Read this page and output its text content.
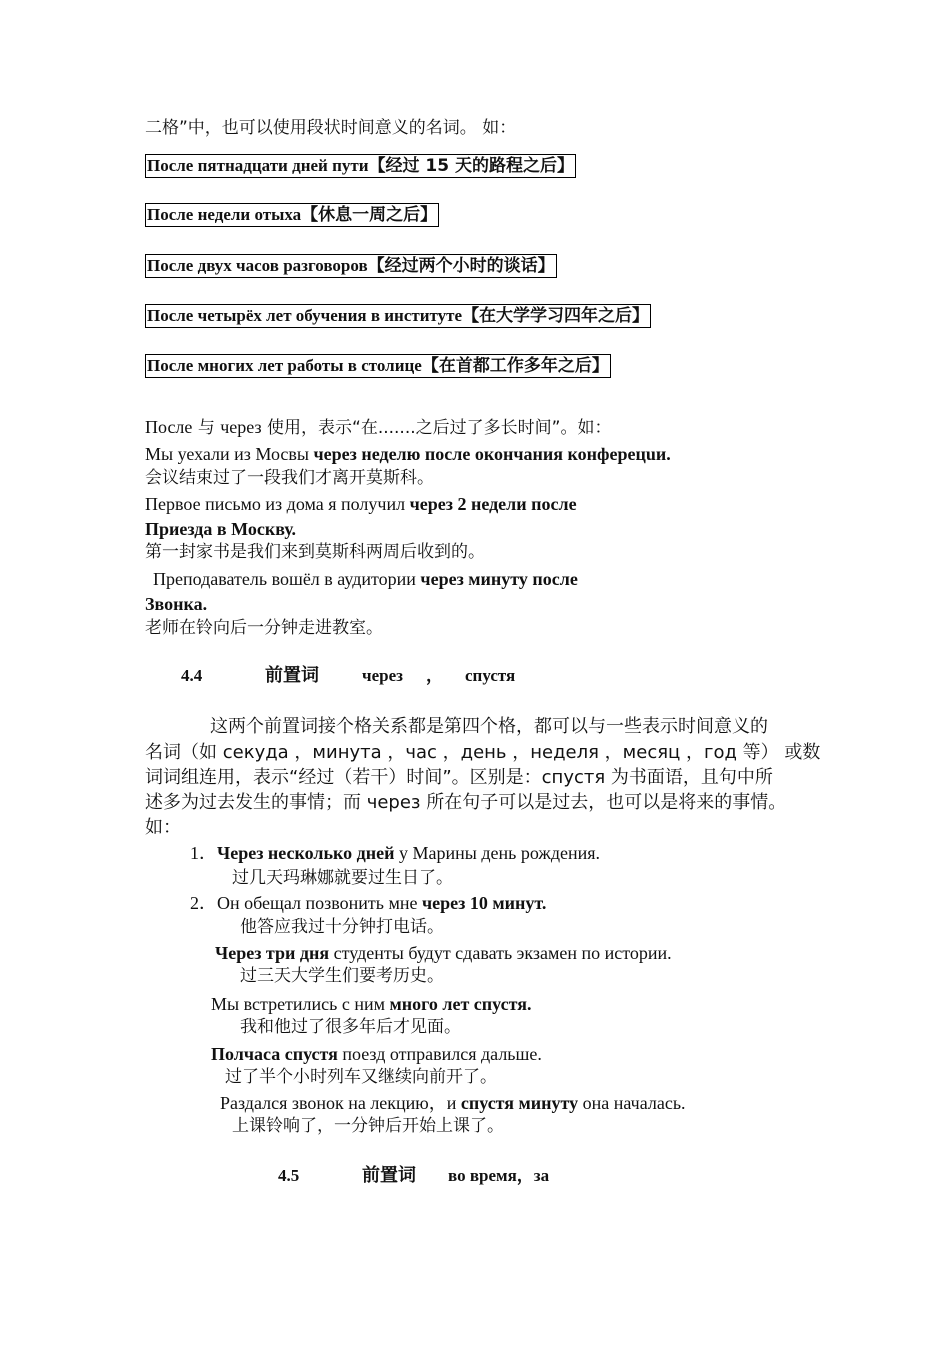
二格”中，也可以使用段状时间意义的名词。 如：
После пятнадцати дней пути【经过 15 天的路程之后】
После недели отыха【休息一周之后】
После двух часов разговоров【经过两个小时的谈话】
После четырёх лет обучения в институте【在大学学习四年之后】
После многих лет работы в столице【在首都工作多年之后】
После 与 через 使用，表示“在.......之后过了多长时间”。如：
Мы уехали из Мосвы через неделю после окончания конферецuи.
会议结束过了一段我们才离开莫斯科。
Первое письмо из дома я получил через 2 недели после
Приезда в Москву.
第一封家书是我们来到莫斯科两周后收到的。
Преподаватель вошёл в аудитории через минуту после
Звонка.
老师在铃向后一分钟走进教室。
4.4	前置词	через ， спустя
这两个前置词接个格关系都是第四个格，都可以与一些表示时间意义的
名词（如 секуда ，минута ，час ，день ，неделя ，месяц ，год 等） 或数
词词组连用，表示“经过（若干）时间”。区别是：спустя 为书面语，且句中所
述多为过去发生的事情；而 через 所在句子可以是过去，也可以是将来的事情。
如：
1．Через несколько дней у Марины день рождения.
过几天玛琳娜就要过生日了。
2．Он обещал позвонить мне через 10 минут.
他答应我过十分钟打电话。
Через три дня студенты будут сдавать экзамен по истории.
过三天大学生们要考历史。
Мы встретились с ним много лет спустя.
我和他过了很多年后才见面。
Полчаса спустя поезд отправился дальше.
过了半个小时列车又继续向前开了。
Раздался звонок на лекцию，и спустя минуту она началась.
上课铃响了，一分钟后开始上课了。
4.5	前置词 во время，за
